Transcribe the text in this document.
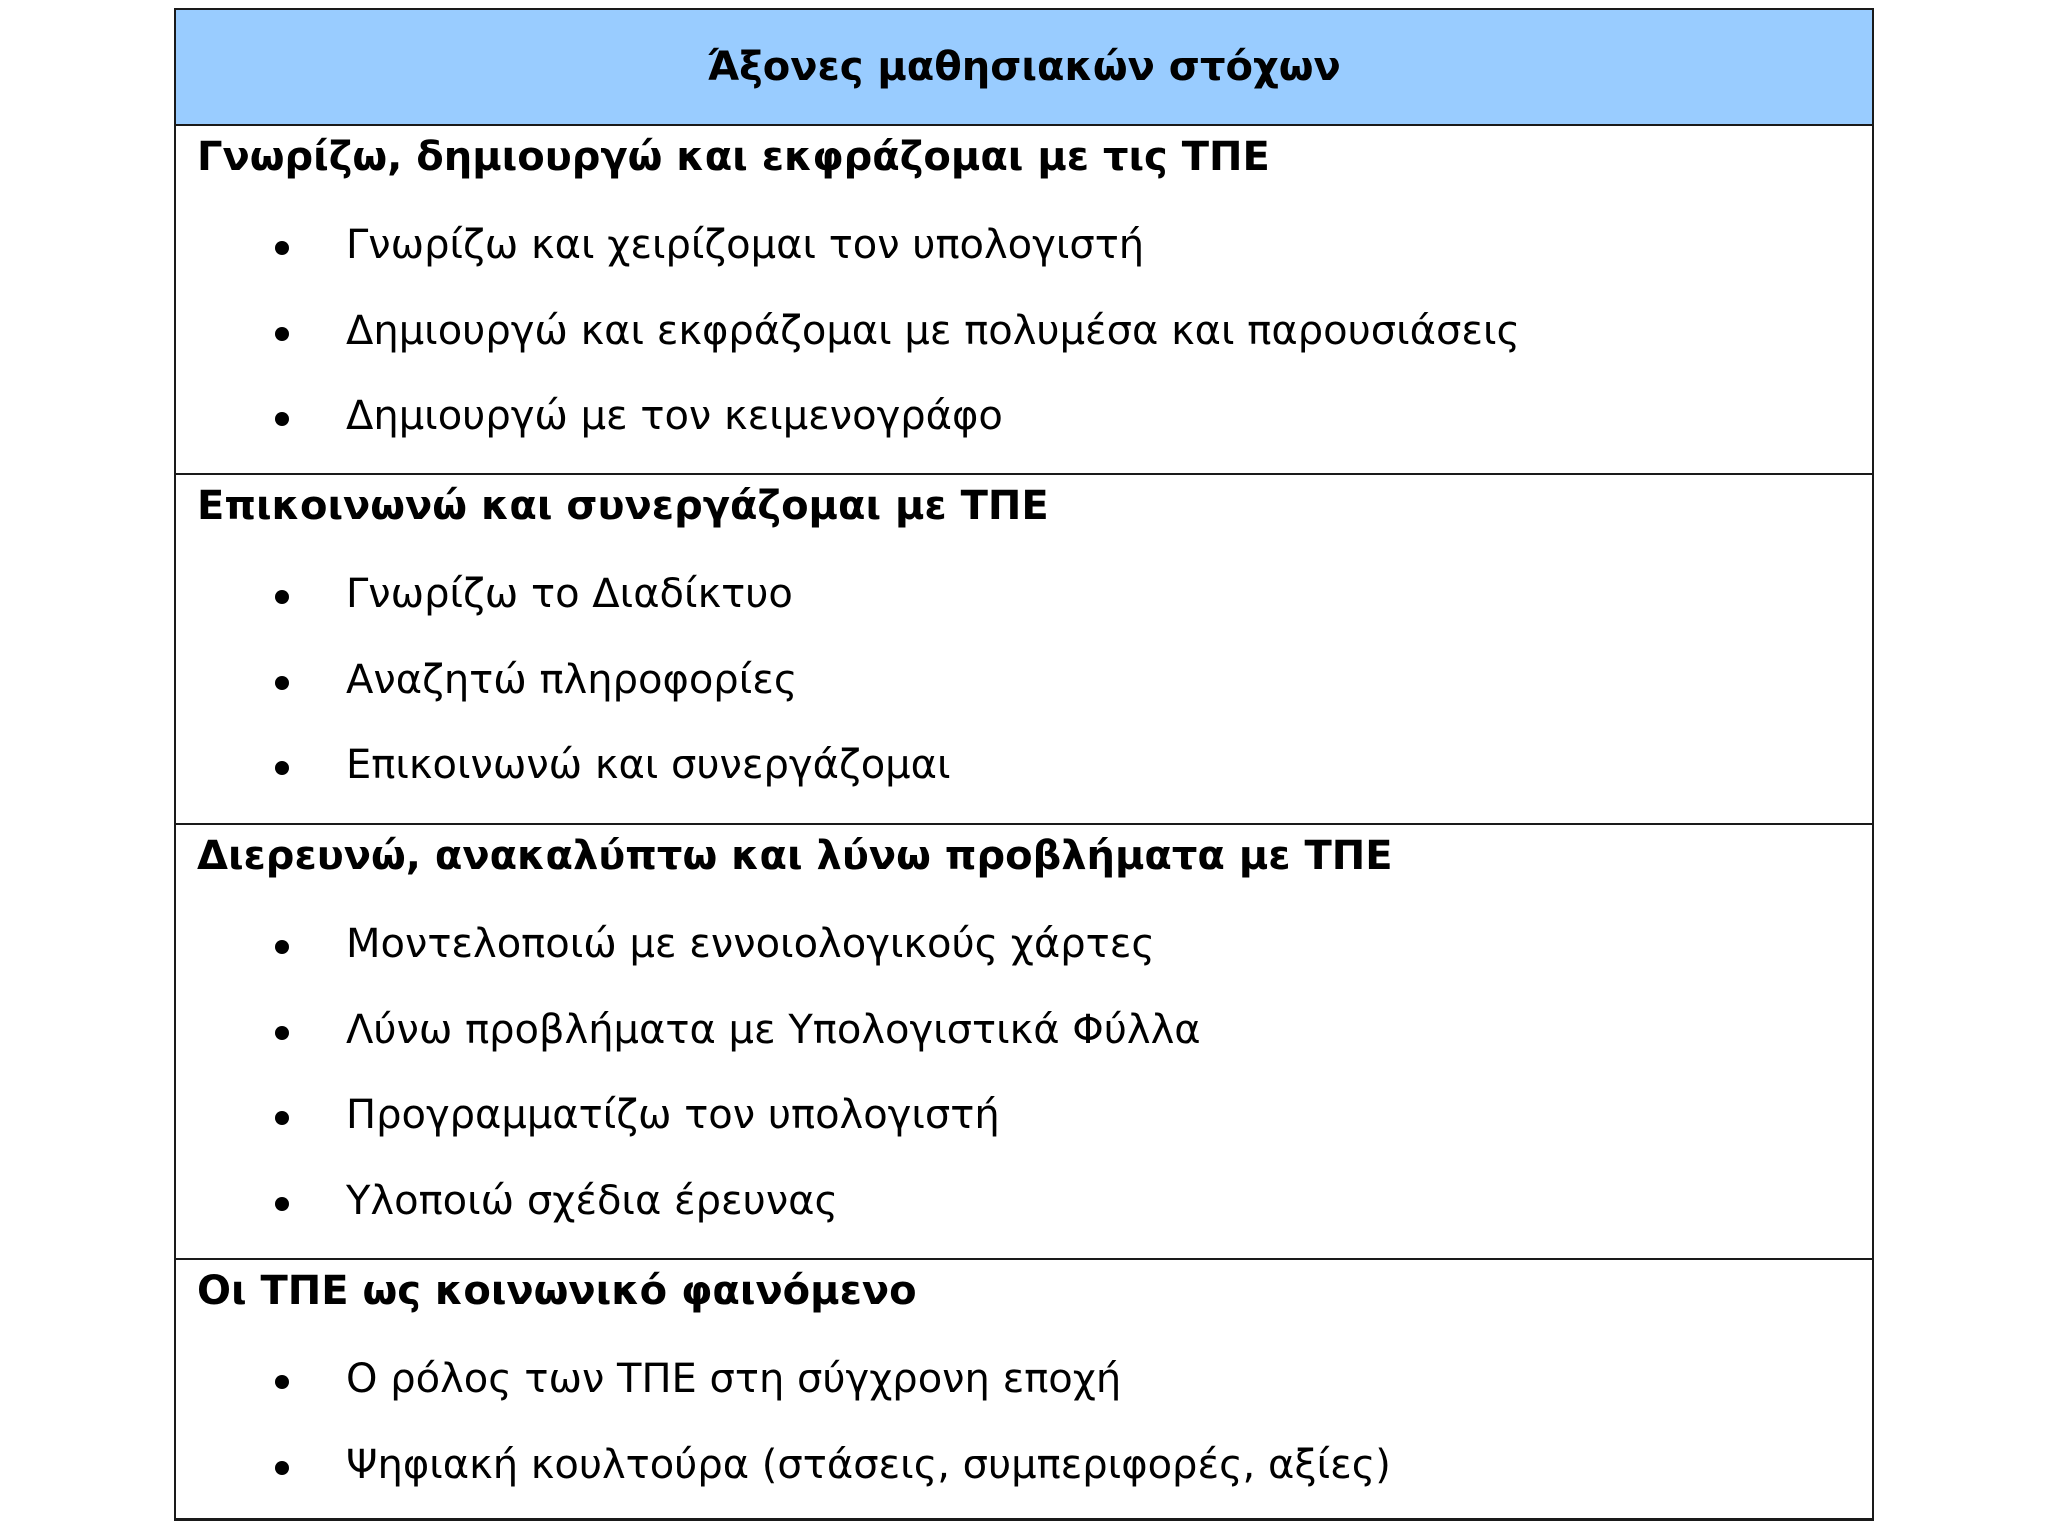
Άξονες μαθησιακών στόχων
Γνωρίζω, δημιουργώ και εκφράζομαι με τις ΤΠΕ
Γνωρίζω και χειρίζομαι τον υπολογιστή
Δημιουργώ και εκφράζομαι με πολυμέσα και παρουσιάσεις
Δημιουργώ με τον κειμενογράφο
Επικοινωνώ και συνεργάζομαι με ΤΠΕ
Γνωρίζω το Διαδίκτυο
Αναζητώ πληροφορίες
Επικοινωνώ και συνεργάζομαι
Διερευνώ, ανακαλύπτω και λύνω προβλήματα με ΤΠΕ
Μοντελοποιώ με εννοιολογικούς χάρτες
Λύνω προβλήματα με Υπολογιστικά Φύλλα
Προγραμματίζω τον υπολογιστή
Υλοποιώ σχέδια έρευνας
Οι ΤΠΕ ως κοινωνικό φαινόμενο
Ο ρόλος των ΤΠΕ στη σύγχρονη εποχή
Ψηφιακή κουλτούρα (στάσεις, συμπεριφορές, αξίες)
